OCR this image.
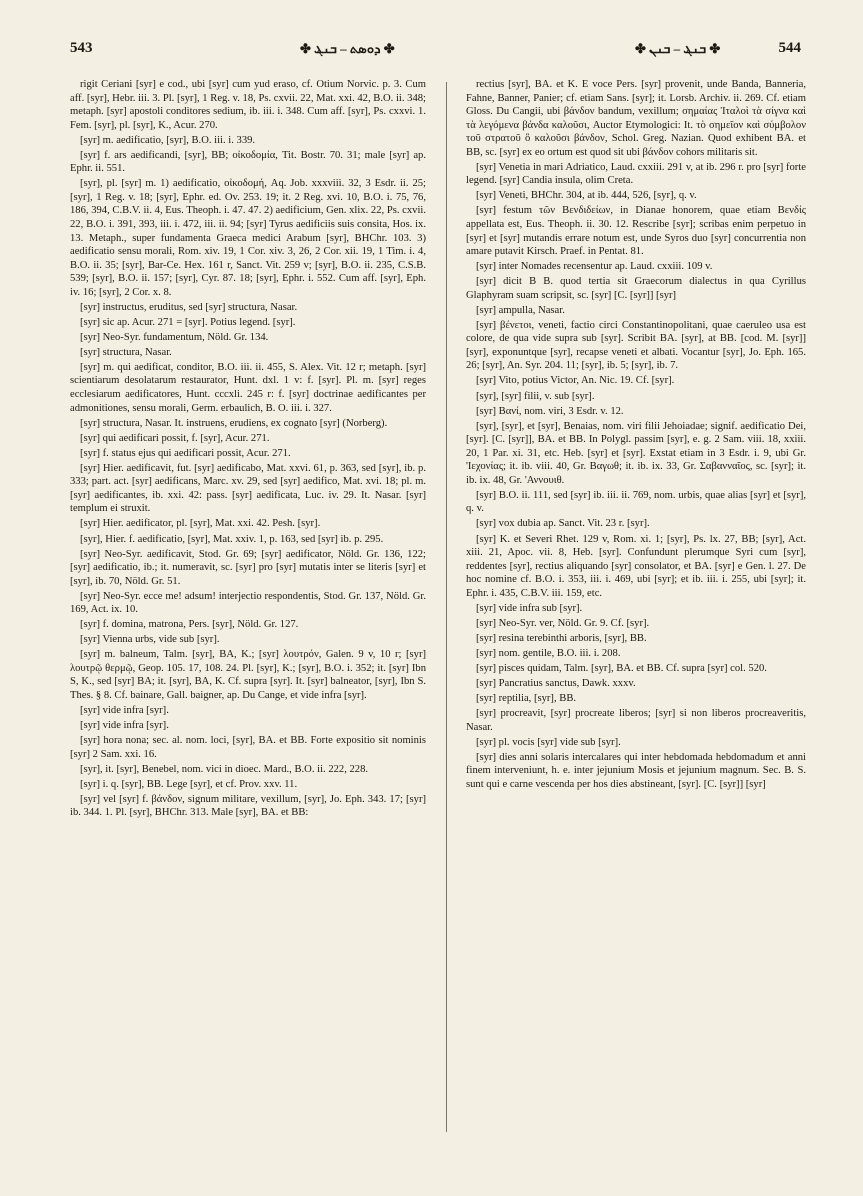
543	✤ ܕܘܤܬ – ܒܢܔ ✤	✤ ܒܢܔ – ܒܢܢ ✤	544

rigit Ceriani [syr] e cod., ubi [syr] cum yud eraso, cf. Otium Norvic. p. 3. Cum aff. [syr], Hebr. iii. 3. Pl. [syr], 1 Reg. v. 18, Ps. cxvii. 22, Mat. xxi. 42, B.O. ii. 348; metaph. [syr] apostoli conditores sedium, ib. iii. i. 348. Cum aff. [syr], Ps. cxxvi. 1. Fem. [syr], pl. [syr], K., Acur. 270.

[syr] m. aedificatio, [syr], B.O. iii. i. 339.

[syr] f. ars aedificandi, [syr], BB; οἰκοδομία, Tit. Bostr. 70. 31; male [syr] ap. Ephr. ii. 551.

[syr], pl. [syr] m. 1) aedificatio, οἰκοδομή, Aq. Job. xxxviii. 32, 3 Esdr. ii. 25; [syr], 1 Reg. v. 18; [syr], Ephr. ed. Ov. 253. 19; it. 2 Reg. xvi. 10, B.O. i. 75, 76, 186, 394, C.B.V. ii. 4, Eus. Theoph. i. 47. 47. 2) aedificium, Gen. xlix. 22, Ps. cxvii. 22, B.O. i. 391, 393, iii. i. 472, iii. ii. 94; [syr] Tyrus aedificiis suis consita, Hos. ix. 13. Metaph., super fundamenta Graeca medici Arabum [syr], BHChr. 103. 3) aedificatio sensu morali, Rom. xiv. 19, 1 Cor. xiv. 3, 26, 2 Cor. xii. 19, 1 Tim. i. 4, B.O. ii. 35; [syr], Bar-Ce. Hex. 161 r, Sanct. Vit. 259 v; [syr], B.O. ii. 235, C.S.B. 539; [syr], B.O. ii. 157; [syr], Cyr. 87. 18; [syr], Ephr. i. 552. Cum aff. [syr], Eph. iv. 16; [syr], 2 Cor. x. 8.

[syr] instructus, eruditus, sed [syr] structura, Nasar.

[syr] sic ap. Acur. 271 = [syr]. Potius legend. [syr].

[syr] Neo-Syr. fundamentum, Nöld. Gr. 134.

[syr] structura, Nasar.

[syr] m. qui aedificat, conditor, B.O. iii. ii. 455, S. Alex. Vit. 12 r; metaph. [syr] scientiarum desolatarum restaurator, Hunt. dxl. 1 v: f. [syr]. Pl. m. [syr] reges ecclesiarum aedificatores, Hunt. cccxli. 245 r: f. [syr] doctrinae aedificantes per admonitiones, sensu morali, Germ. erbaulich, B. O. iii. i. 327.

[syr] structura, Nasar. It. instruens, erudiens, ex cognato [syr] (Norberg).

[syr] qui aedificari possit, f. [syr], Acur. 271.

[syr] f. status ejus qui aedificari possit, Acur. 271.

[syr] Hier. aedificavit, fut. [syr] aedificabo, Mat. xxvi. 61, p. 363, sed [syr], ib. p. 333; part. act. [syr] aedificans, Marc. xv. 29, sed [syr] aedifico, Mat. xvi. 18; pl. m. [syr] aedificantes, ib. xxi. 42: pass. [syr] aedificata, Luc. iv. 29. It. Nasar. [syr] templum ei struxit.

[syr] Hier. aedificator, pl. [syr], Mat. xxi. 42. Pesh. [syr].

[syr], Hier. f. aedificatio, [syr], Mat. xxiv. 1, p. 163, sed [syr] ib. p. 295.

[syr] Neo-Syr. aedificavit, Stod. Gr. 69; [syr] aedificator, Nöld. Gr. 136, 122; [syr] aedificatio, ib.; it. numeravit, sc. [syr] pro [syr] mutatis inter se literis [syr] et [syr], ib. 70, Nöld. Gr. 51.

[syr] Neo-Syr. ecce me! adsum! interjectio respondentis, Stod. Gr. 137, Nöld. Gr. 169, Act. ix. 10.

[syr] f. domina, matrona, Pers. [syr], Nöld. Gr. 127.

[syr] Vienna urbs, vide sub [syr].

[syr] m. balneum, Talm. [syr], BA, K.; [syr] λουτρόν, Galen. 9 v, 10 r; [syr] λουτρῷ θερμῷ, Geop. 105. 17, 108. 24. Pl. [syr], K.; [syr], B.O. i. 352; it. [syr] Ibn S, K., sed [syr] BA; it. [syr], BA, K. Cf. supra [syr]. It. [syr] balneator, [syr], Ibn S. Thes. § 8. Cf. bainare, Gall. baigner, ap. Du Cange, et vide infra [syr].

[syr] vide infra [syr].

[syr] vide infra [syr].

[syr] hora nona; sec. al. nom. loci, [syr], BA. et BB. Forte expositio sit nominis [syr] 2 Sam. xxi. 16.

[syr], it. [syr], Benebel, nom. vici in dioec. Mard., B.O. ii. 222, 228.

[syr] i. q. [syr], BB. Lege [syr], et cf. Prov. xxv. 11.

[syr] vel [syr] f. βάνδον, signum militare, vexillum, [syr], Jo. Eph. 343. 17; [syr] ib. 344. 1. Pl. [syr], BHChr. 313. Male [syr], BA. et BB:

rectius [syr], BA. et K. E voce Pers. [syr] provenit, unde Banda, Banneria, Fahne, Banner, Panier; cf. etiam Sans. [syr]; it. Lorsb. Archiv. ii. 269. Cf. etiam Gloss. Du Cangii, ubi βάνδον bandum, vexillum; σημαίας Ἰταλοὶ τὰ σίγνα καὶ τὰ λεγόμενα βάνδα καλοῦσι, Auctor Etymologici: It. τὸ σημεῖον καὶ σύμβολον τοῦ στρατοῦ ὃ καλοῦσι βάνδον, Schol. Greg. Nazian. Quod exhibent BA. et BB, sc. [syr] ex eo ortum est quod sit ubi βάνδον cohors militaris sit.

[syr] Venetia in mari Adriatico, Laud. cxxiii. 291 v, at ib. 296 r. pro [syr] forte legend. [syr] Candia insula, olim Creta.

[syr] Veneti, BHChr. 304, at ib. 444, 526, [syr], q. v.

[syr] festum τῶν Βενδιδείων, in Dianae honorem, quae etiam Βενδίς appellata est, Eus. Theoph. ii. 30. 12. Rescribe [syr]; scribas enim perpetuo in [syr] et [syr] mutandis errare notum est, unde Syros duo [syr] concurrentia non amare putavit Kirsch. Praef. in Pentat. 81.

[syr] inter Nomades recensentur ap. Laud. cxxiii. 109 v.

[syr] dicit B B. quod tertia sit Graecorum dialectus in qua Cyrillus Glaphyram suam scripsit, sc. [syr] [C. [syr]] [syr]

[syr] ampulla, Nasar.

[syr] βένετοι, veneti, factio circi Constantinopolitani, quae caeruleo usa est colore, de qua vide supra sub [syr]. Scribit BA. [syr], at BB. [cod. M. [syr]] [syr], exponuntque [syr], recapse veneti et albati. Vocantur [syr], Jo. Eph. 165. 26; [syr], An. Syr. 204. 11; [syr], ib. 5; [syr], ib. 7.

[syr] Vito, potius Victor, An. Nic. 19. Cf. [syr].

[syr], [syr] filii, v. sub [syr].

[syr] Βανί, nom. viri, 3 Esdr. v. 12.

[syr], [syr], et [syr], Benaias, nom. viri filii Jehoiadae; signif. aedificatio Dei, [syr]. [C. [syr]], BA. et BB. In Polygl. passim [syr], e. g. 2 Sam. viii. 18, xxiii. 20, 1 Par. xi. 31, etc. Heb. [syr] et [syr]. Exstat etiam in 3 Esdr. i. 9, ubi Gr. 'Ιεχονίας; it. ib. viii. 40, Gr. Βαγωθ; it. ib. ix. 33, Gr. Σαβανναῖος, sc. [syr]; it. ib. ix. 48, Gr. 'Αννουιθ.

[syr] B.O. ii. 111, sed [syr] ib. iii. ii. 769, nom. urbis, quae alias [syr] et [syr], q. v.

[syr] vox dubia ap. Sanct. Vit. 23 r. [syr].

[syr] K. et Severi Rhet. 129 v, Rom. xi. 1; [syr], Ps. lx. 27, BB; [syr], Act. xiii. 21, Apoc. vii. 8, Heb. [syr]. Confundunt plerumque Syri cum [syr], reddentes [syr], rectius aliquando [syr] consolator, et BA. [syr] e Gen. l. 27. De hoc nomine cf. B.O. i. 353, iii. i. 469, ubi [syr]; et ib. iii. i. 255, ubi [syr]; it. Ephr. i. 435, C.B.V. iii. 159, etc.

[syr] vide infra sub [syr].

[syr] Neo-Syr. ver, Nöld. Gr. 9. Cf. [syr].

[syr] resina terebinthi arboris, [syr], BB.

[syr] nom. gentile, B.O. iii. i. 208.

[syr] pisces quidam, Talm. [syr], BA. et BB. Cf. supra [syr] col. 520.

[syr] Pancratius sanctus, Dawk. xxxv.

[syr] reptilia, [syr], BB.

[syr] procreavit, [syr] procreate liberos; [syr] si non liberos procreaveritis, Nasar.

[syr] pl. vocis [syr] vide sub [syr].

[syr] dies anni solaris intercalares qui inter hebdomada hebdomadum et anni finem interveniunt, h. e. inter jejunium Mosis et jejunium magnum. Sec. B. S. sunt qui e carne vescenda per hos dies abstineant, [syr]. [C. [syr]] [syr]
